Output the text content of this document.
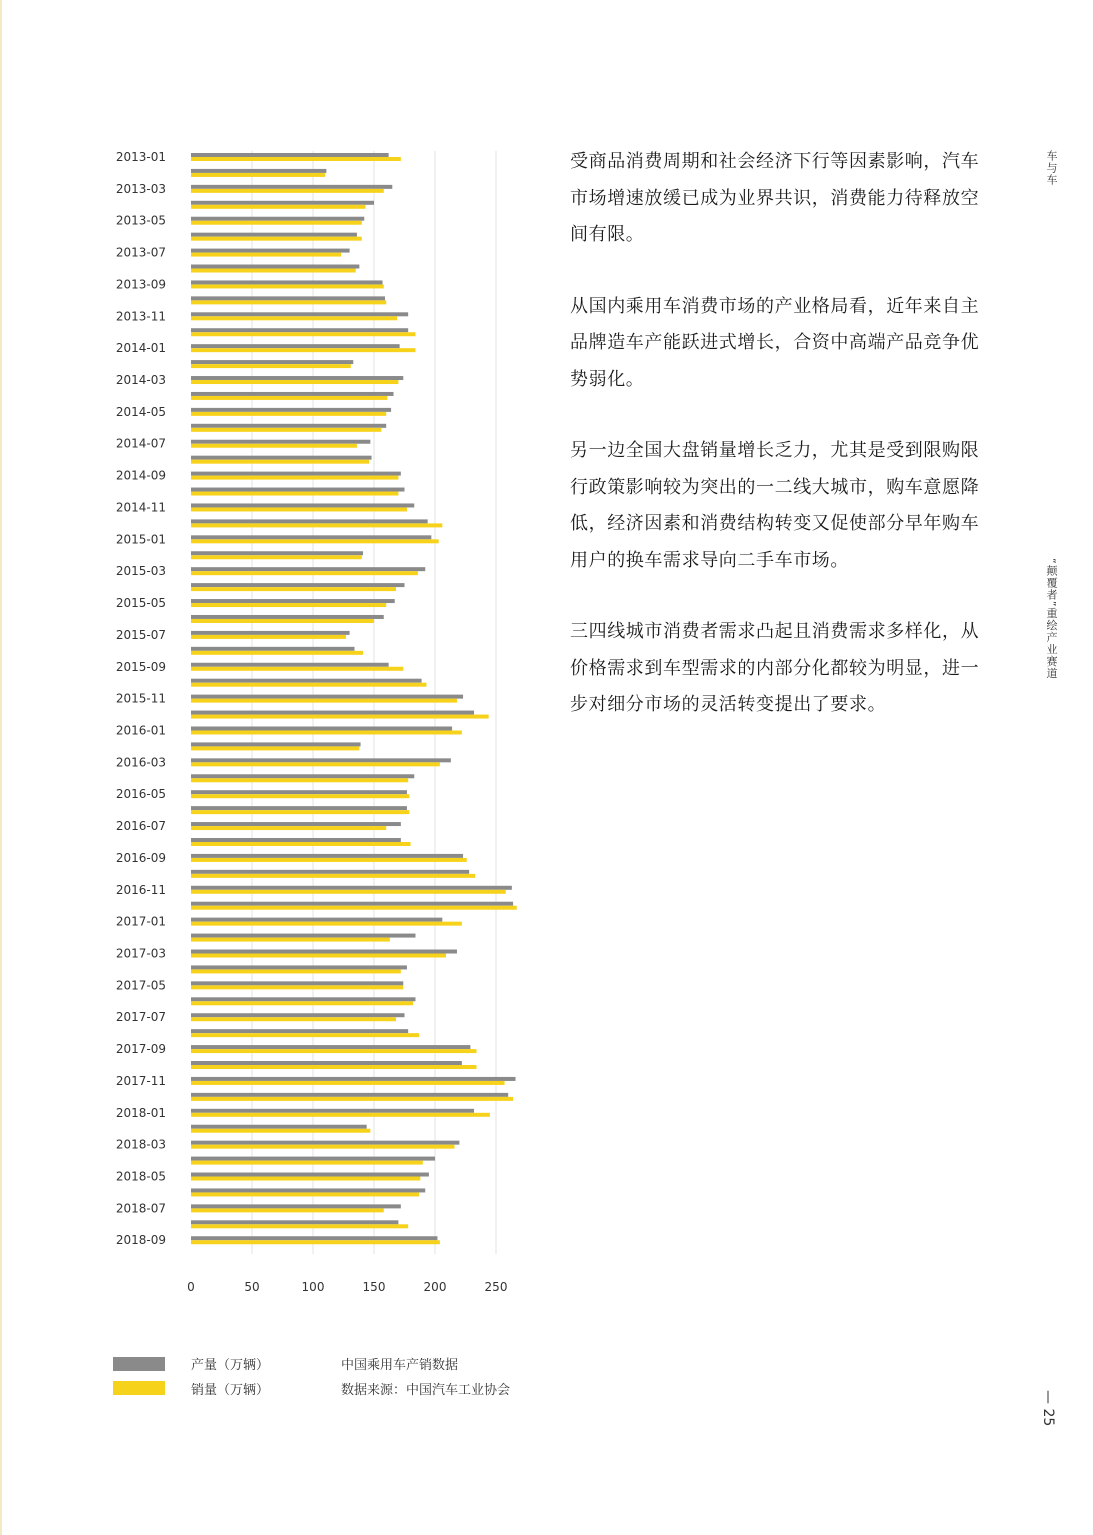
2013-01
2013-03
2013-05
2013-07
2013-09
2013-11
2014-01
2014-03
2014-05
2014-07
2014-09
2014-11
2015-01
2015-03
2015-05
2015-07
2015-09
2015-11
2016-01
2016-03
2016-05
2016-07
2016-09
2016-11
2017-01
2017-03
2017-05
2017-07
2017-09
2017-11
2018-01
2018-03
2018-05
2018-07
2018-09
0	50	100	150	200	250
产量（万辆）	中国乘用车产销数据
销量（万辆）	数据来源：中国汽车工业协会

受商品消费周期和社会经济下行等因素影响，汽车市场增速放缓已成为业界共识，消费能力待释放空间有限。

从国内乘用车消费市场的产业格局看，近年来自主品牌造车产能跃进式增长，合资中高端产品竞争优势弱化。

另一边全国大盘销量增长乏力，尤其是受到限购限行政策影响较为突出的一二线大城市，购车意愿降低，经济因素和消费结构转变又促使部分早年购车用户的换车需求导向二手车市场。

三四线城市消费者需求凸起且消费需求多样化，从价格需求到车型需求的内部分化都较为明显，进一步对细分市场的灵活转变提出了要求。

车与车
“颠覆者”重绘产业赛道
— 25
